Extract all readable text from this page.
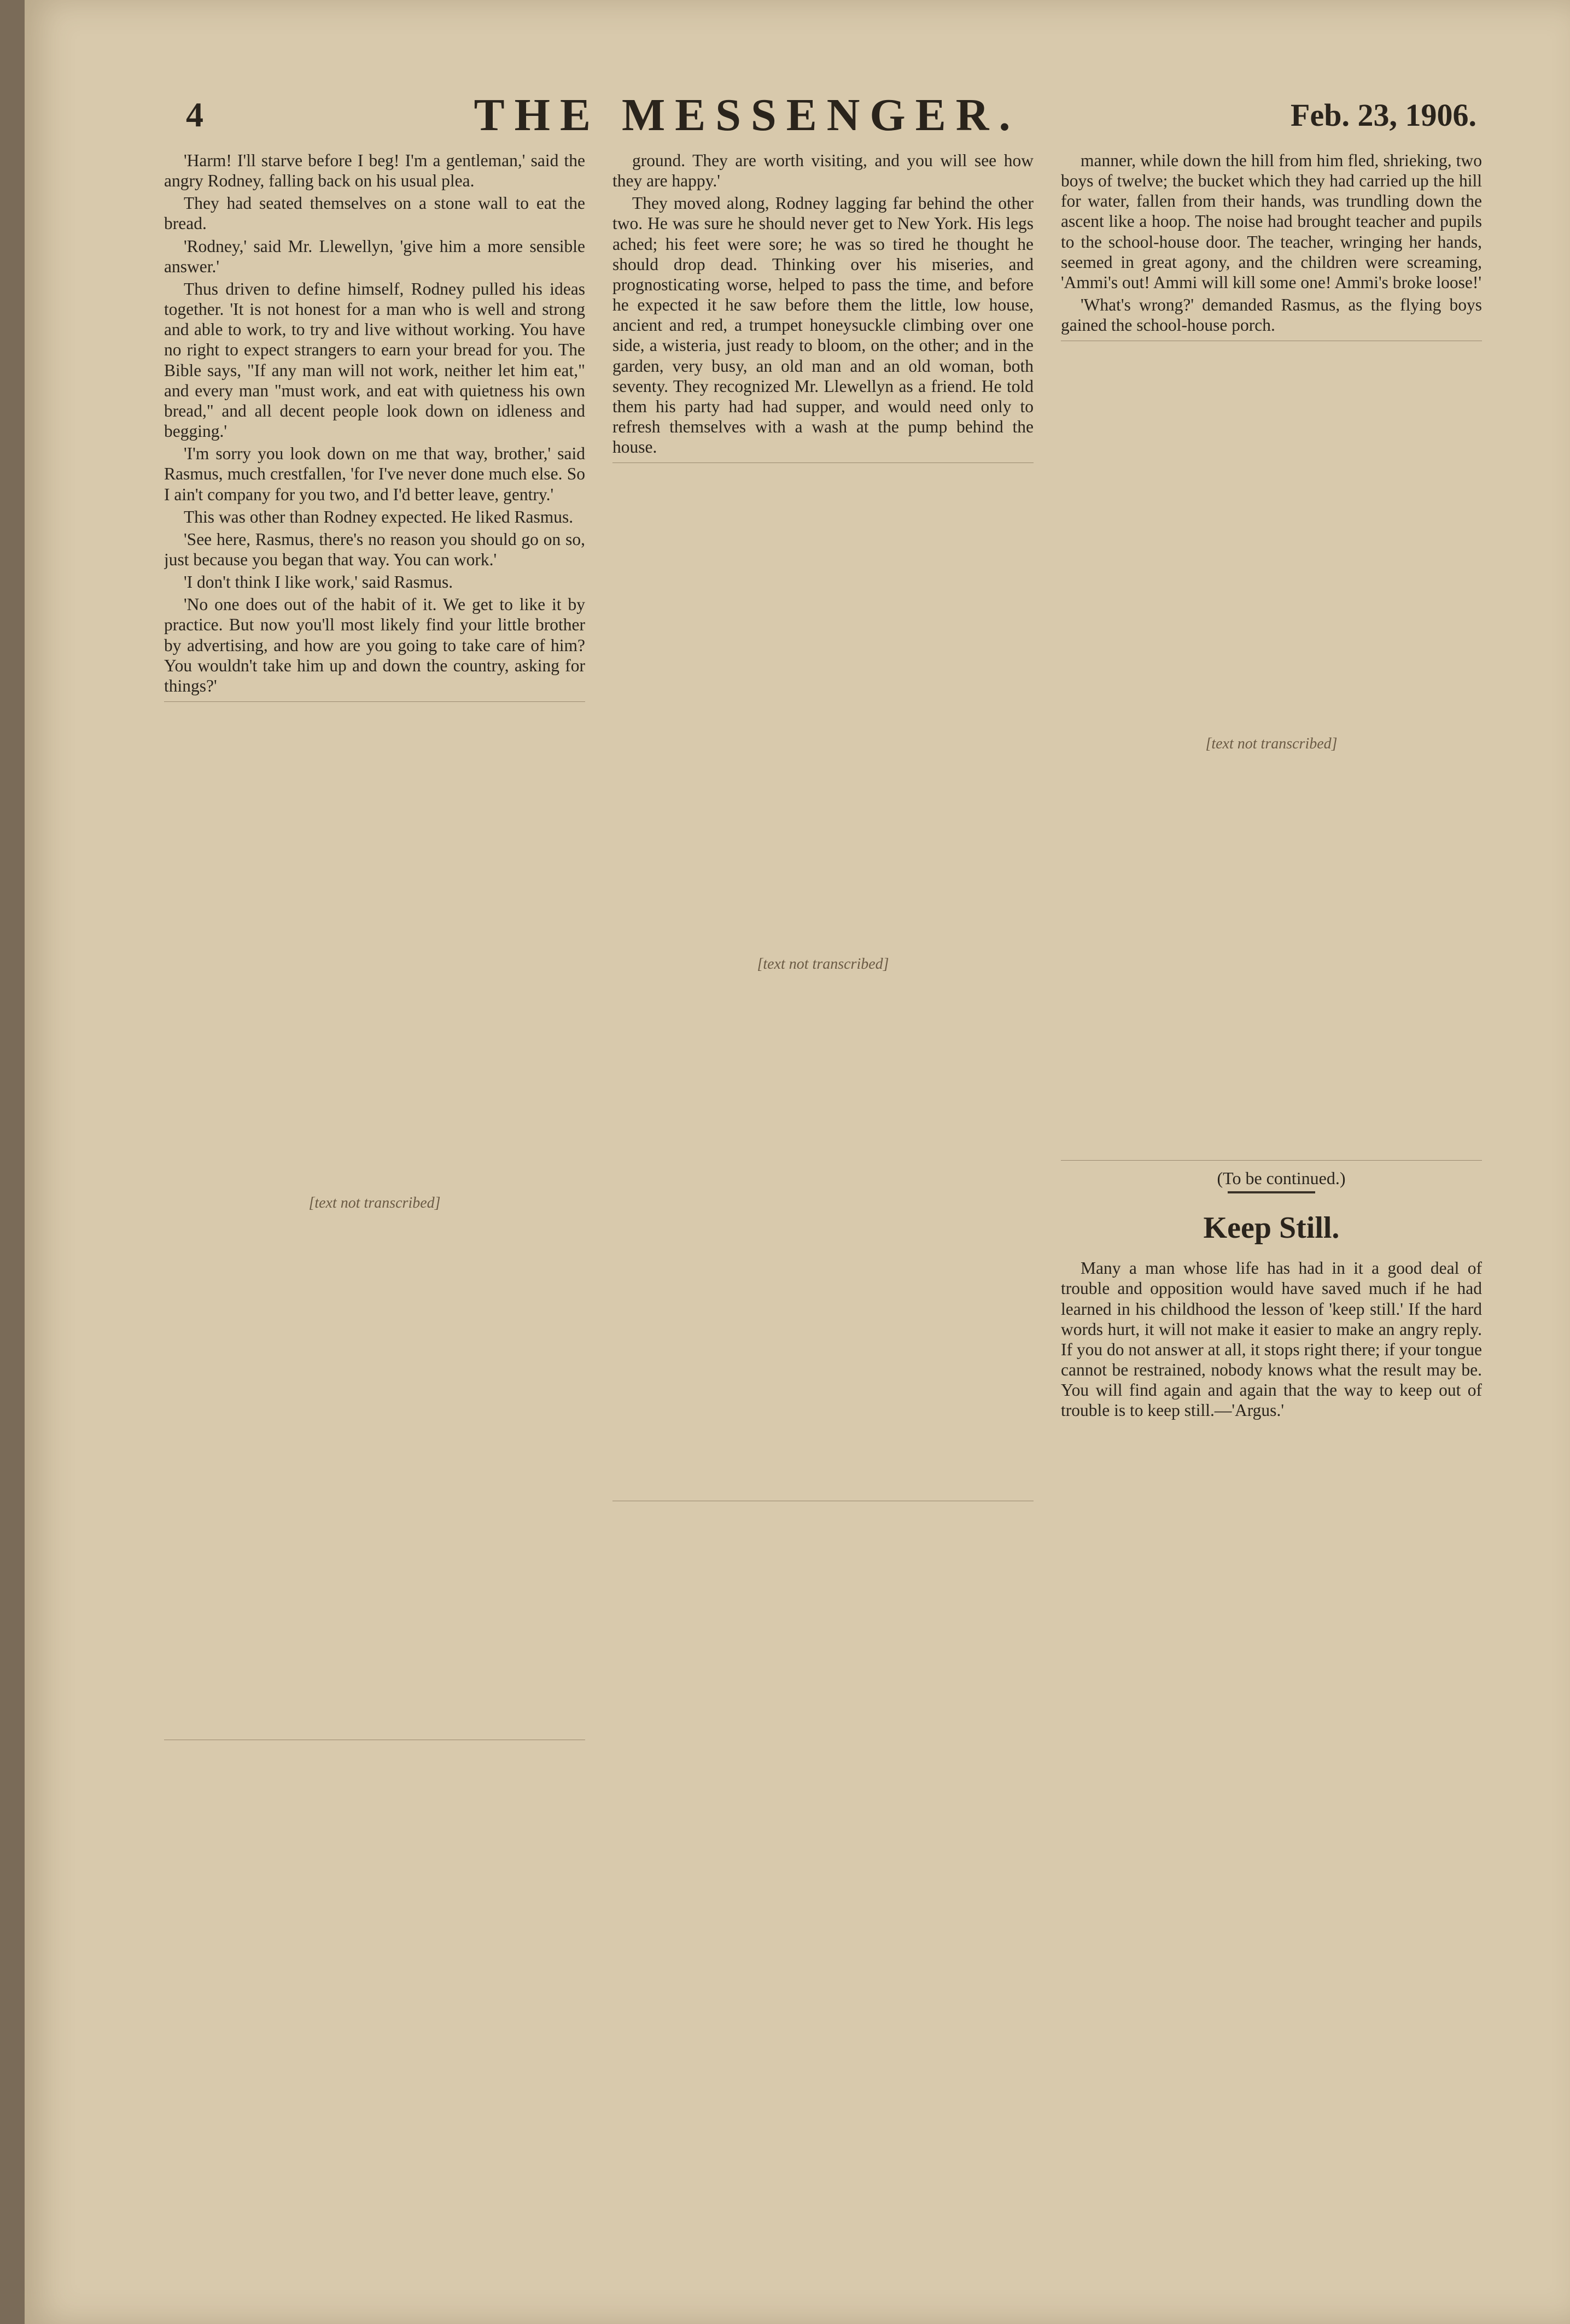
4	THE MESSENGER.	Feb. 23, 1906.

'Harm! I'll starve before I beg! I'm a gentleman,' said the angry Rodney, falling back on his usual plea.

They had seated themselves on a stone wall to eat the bread.

'Rodney,' said Mr. Llewellyn, 'give him a more sensible answer.'

Thus driven to define himself, Rodney pulled his ideas together. 'It is not honest for a man who is well and strong and able to work, to try and live without working. You have no right to expect strangers to earn your bread for you. The Bible says, "If any man will not work, neither let him eat," and every man "must work, and eat with quietness his own bread," and all decent people look down on idleness and begging.'

'I'm sorry you look down on me that way, brother,' said Rasmus, much crestfallen, 'for I've never done much else. So I ain't company for you two, and I'd better leave, gentry.'

This was other than Rodney expected. He liked Rasmus.

'See here, Rasmus, there's no reason you should go on so, just because you began that way. You can work.'

'I don't think I like work,' said Rasmus.

'No one does out of the habit of it. We get to like it by practice. But now you'll most likely find your little brother by advertising, and how are you going to take care of him? You wouldn't take him up and down the country, asking for things?'

[text not transcribed]

ground. They are worth visiting, and you will see how they are happy.'

They moved along, Rodney lagging far behind the other two. He was sure he should never get to New York. His legs ached; his feet were sore; he was so tired he thought he should drop dead. Thinking over his miseries, and prognosticating worse, helped to pass the time, and before he expected it he saw before them the little, low house, ancient and red, a trumpet honeysuckle climbing over one side, a wisteria, just ready to bloom, on the other; and in the garden, very busy, an old man and an old woman, both seventy. They recognized Mr. Llewellyn as a friend. He told them his party had had supper, and would need only to refresh themselves with a wash at the pump behind the house.

[text not transcribed]

manner, while down the hill from him fled, shrieking, two boys of twelve; the bucket which they had carried up the hill for water, fallen from their hands, was trundling down the ascent like a hoop. The noise had brought teacher and pupils to the school-house door. The teacher, wringing her hands, seemed in great agony, and the children were screaming, 'Ammi's out! Ammi will kill some one! Ammi's broke loose!'

'What's wrong?' demanded Rasmus, as the flying boys gained the school-house porch.

[text not transcribed]

(To be continued.)

Keep Still.

Many a man whose life has had in it a good deal of trouble and opposition would have saved much if he had learned in his childhood the lesson of 'keep still.' If the hard words hurt, it will not make it easier to make an angry reply. If you do not answer at all, it stops right there; if your tongue cannot be restrained, nobody knows what the result may be. You will find again and again that the way to keep out of trouble is to keep still.—'Argus.'
